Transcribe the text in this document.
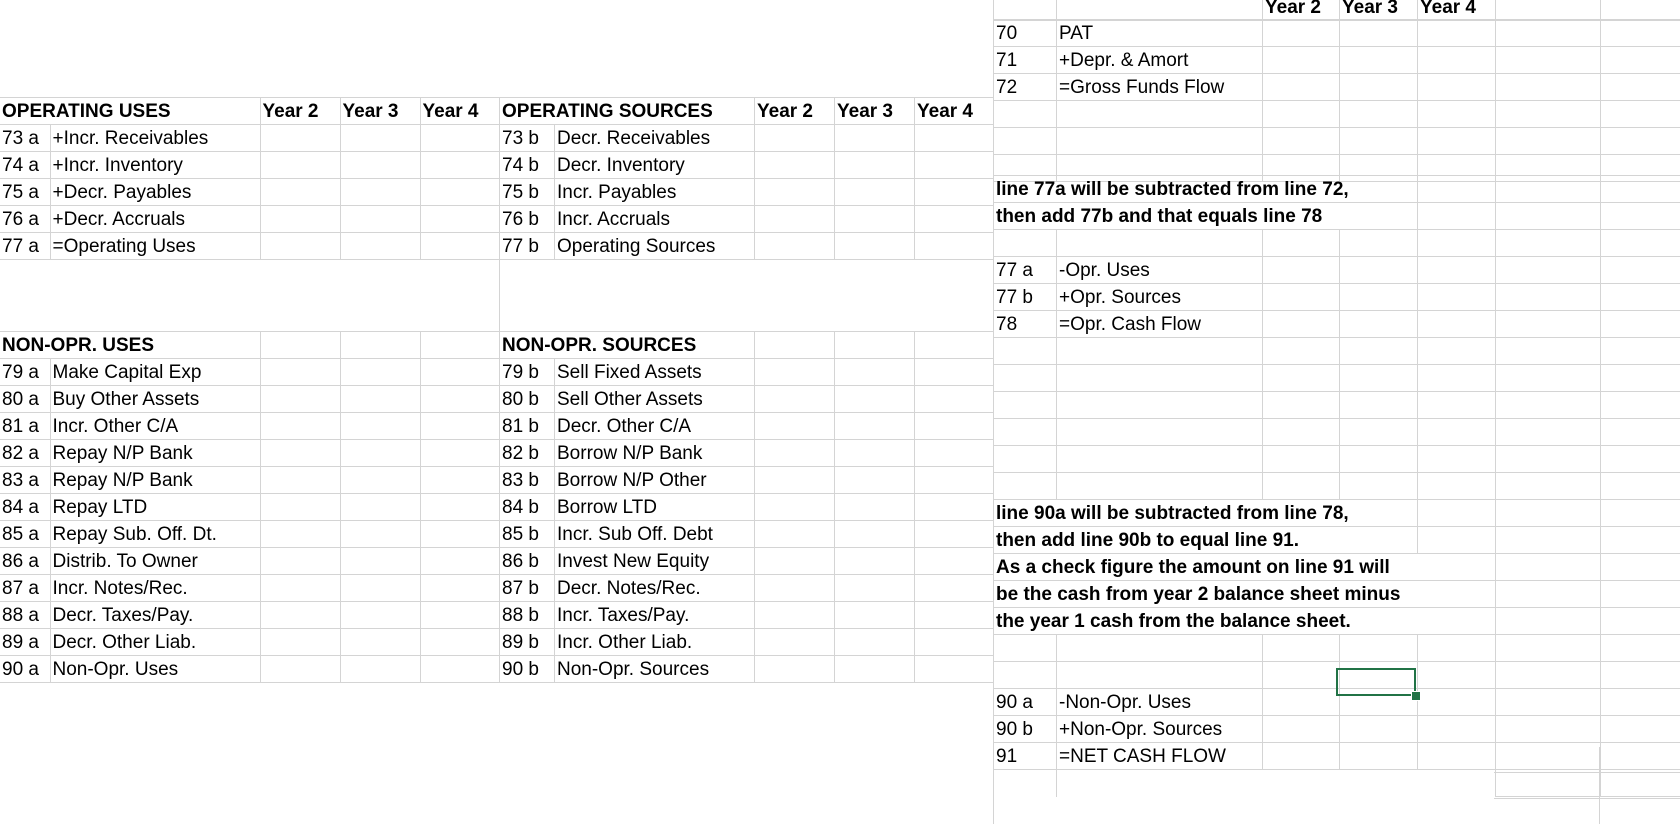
		Year 2	Year 3	Year 4		
70	PAT					
71	+Depr. & Amort					
72	=Gross Funds Flow					

OPERATING USES		Year 2	Year 3	Year 4
73 a	+Incr. Receivables			
74 a	+Incr. Inventory			
75 a	+Decr. Payables			
76 a	+Decr. Accruals			
77 a	=Operating Uses			
OPERATING SOURCES		Year 2	Year 3	Year 4
73 b	Decr. Receivables			
74 b	Decr. Inventory			
75 b	Incr. Payables			
76 b	Incr. Accruals			
77 b	Operating Sources			
line 77a will be subtracted from line 72,						
then add 77b and that equals line 78						

77 a	-Opr. Uses					
77 b	+Opr. Sources					
78	=Opr. Cash Flow					

line 90a will be subtracted from line 78,						
then add line 90b to equal line 91.						
As a check figure the amount on line 91 will						
be the cash from year 2 balance sheet minus						
the year 1 cash from the balance sheet.						

90 a	-Non-Opr. Uses					
90 b	+Non-Opr. Sources					
91	=NET CASH FLOW					

NON-OPR. USES				
79 a	Make Capital Exp			
80 a	Buy Other Assets			
81 a	Incr. Other C/A			
82 a	Repay N/P Bank			
83 a	Repay N/P Bank			
84 a	Repay LTD			
85 a	Repay Sub. Off. Dt.			
86 a	Distrib. To Owner			
87 a	Incr. Notes/Rec.			
88 a	Decr. Taxes/Pay.			
89 a	Decr. Other Liab.			
90 a	Non-Opr. Uses			
NON-OPR. SOURCES				
79 b	Sell Fixed Assets			
80 b	Sell Other Assets			
81 b	Decr. Other C/A			
82 b	Borrow N/P Bank			
83 b	Borrow N/P Other			
84 b	Borrow LTD			
85 b	Incr. Sub Off. Debt			
86 b	Invest New Equity			
87 b	Decr. Notes/Rec.			
88 b	Incr. Taxes/Pay.			
89 b	Incr. Other Liab.			
90 b	Non-Opr. Sources			
